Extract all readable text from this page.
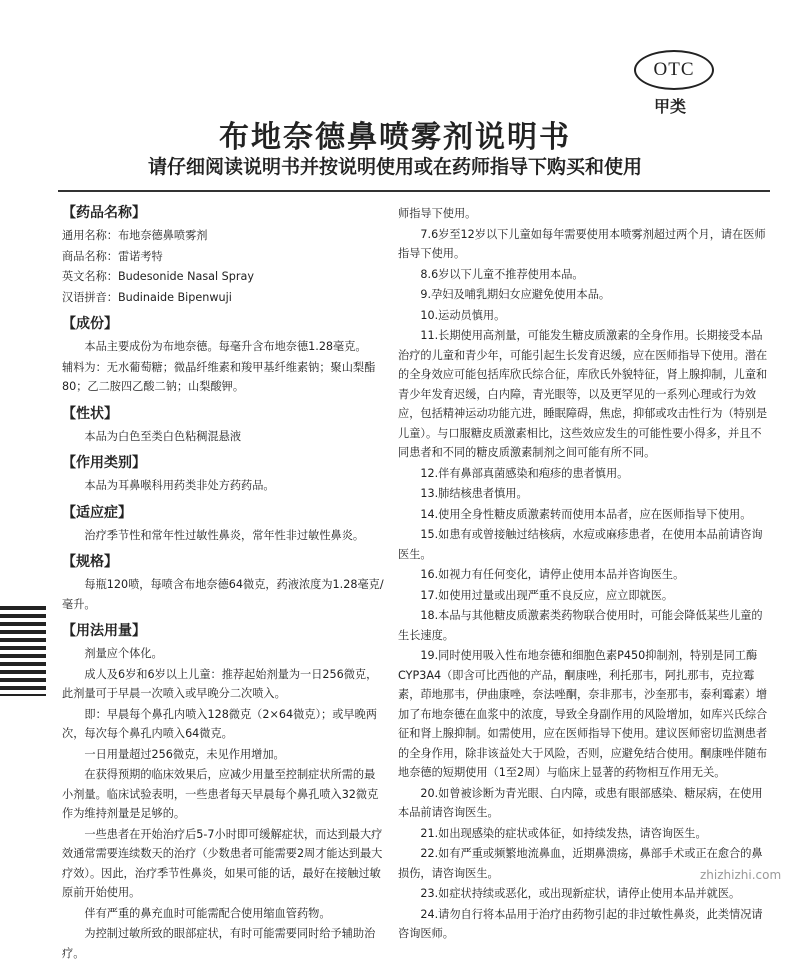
OTC
甲类
布地奈德鼻喷雾剂说明书
请仔细阅读说明书并按说明使用或在药师指导下购买和使用
【药品名称】
通用名称：布地奈德鼻喷雾剂
商品名称：雷诺考特
英文名称：Budesonide Nasal Spray
汉语拼音：Budinaide Bipenwuji
【成份】
本品主要成份为布地奈德。每毫升含布地奈德1.28毫克。
辅料为：无水葡萄糖；微晶纤维素和羧甲基纤维素钠；聚山梨酯80；乙二胺四乙酸二钠；山梨酸钾。
【性状】
本品为白色至类白色粘稠混悬液
【作用类别】
本品为耳鼻喉科用药类非处方药药品。
【适应症】
治疗季节性和常年性过敏性鼻炎，常年性非过敏性鼻炎。
【规格】
每瓶120喷，每喷含布地奈德64微克，药液浓度为1.28毫克/毫升。
【用法用量】
剂量应个体化。
成人及6岁和6岁以上儿童：推荐起始剂量为一日256微克，此剂量可于早晨一次喷入或早晚分二次喷入。
即：早晨每个鼻孔内喷入128微克（2×64微克）；或早晚两次，每次每个鼻孔内喷入64微克。
一日用量超过256微克，未见作用增加。
在获得预期的临床效果后，应减少用量至控制症状所需的最小剂量。临床试验表明，一些患者每天早晨每个鼻孔喷入32微克作为维持剂量是足够的。
一些患者在开始治疗后5-7小时即可缓解症状，而达到最大疗效通常需要连续数天的治疗（少数患者可能需要2周才能达到最大疗效）。因此，治疗季节性鼻炎，如果可能的话，最好在接触过敏原前开始使用。
伴有严重的鼻充血时可能需配合使用缩血管药物。
为控制过敏所致的眼部症状，有时可能需要同时给予辅助治疗。
师指导下使用。
7.6岁至12岁以下儿童如每年需要使用本喷雾剂超过两个月，请在医师指导下使用。
8.6岁以下儿童不推荐使用本品。
9.孕妇及哺乳期妇女应避免使用本品。
10.运动员慎用。
11.长期使用高剂量，可能发生糖皮质激素的全身作用。长期接受本品治疗的儿童和青少年，可能引起生长发育迟缓，应在医师指导下使用。潜在的全身效应可能包括库欣氏综合征，库欣氏外貌特征，肾上腺抑制，儿童和青少年发育迟缓，白内障，青光眼等，以及更罕见的一系列心理或行为效应，包括精神运动功能亢进，睡眠障碍，焦虑，抑郁或攻击性行为（特别是儿童）。与口服糖皮质激素相比，这些效应发生的可能性要小得多，并且不同患者和不同的糖皮质激素制剂之间可能有所不同。
12.伴有鼻部真菌感染和疱疹的患者慎用。
13.肺结核患者慎用。
14.使用全身性糖皮质激素转而使用本品者，应在医师指导下使用。
15.如患有或曾接触过结核病，水痘或麻疹患者，在使用本品前请咨询医生。
16.如视力有任何变化，请停止使用本品并咨询医生。
17.如使用过量或出现严重不良反应，应立即就医。
18.本品与其他糖皮质激素类药物联合使用时，可能会降低某些儿童的生长速度。
19.同时使用吸入性布地奈德和细胞色素P450抑制剂，特别是同工酶CYP3A4（即含可比西他的产品，酮康唑，利托那韦，阿扎那韦，克拉霉素，茚地那韦，伊曲康唑，奈法唑酮，奈非那韦，沙奎那韦，泰利霉素）增加了布地奈德在血浆中的浓度，导致全身副作用的风险增加，如库兴氏综合征和肾上腺抑制。如需使用，应在医师指导下使用。建议医师密切监测患者的全身作用，除非该益处大于风险，否则，应避免结合使用。酮康唑伴随布地奈德的短期使用（1至2周）与临床上显著的药物相互作用无关。
20.如曾被诊断为青光眼、白内障，或患有眼部感染、糖尿病，在使用本品前请咨询医生。
21.如出现感染的症状或体征，如持续发热，请咨询医生。
22.如有严重或频繁地流鼻血，近期鼻溃疡，鼻部手术或正在愈合的鼻损伤，请咨询医生。
23.如症状持续或恶化，或出现新症状，请停止使用本品并就医。
24.请勿自行将本品用于治疗由药物引起的非过敏性鼻炎，此类情况请咨询医师。
zhizhizhi.com
